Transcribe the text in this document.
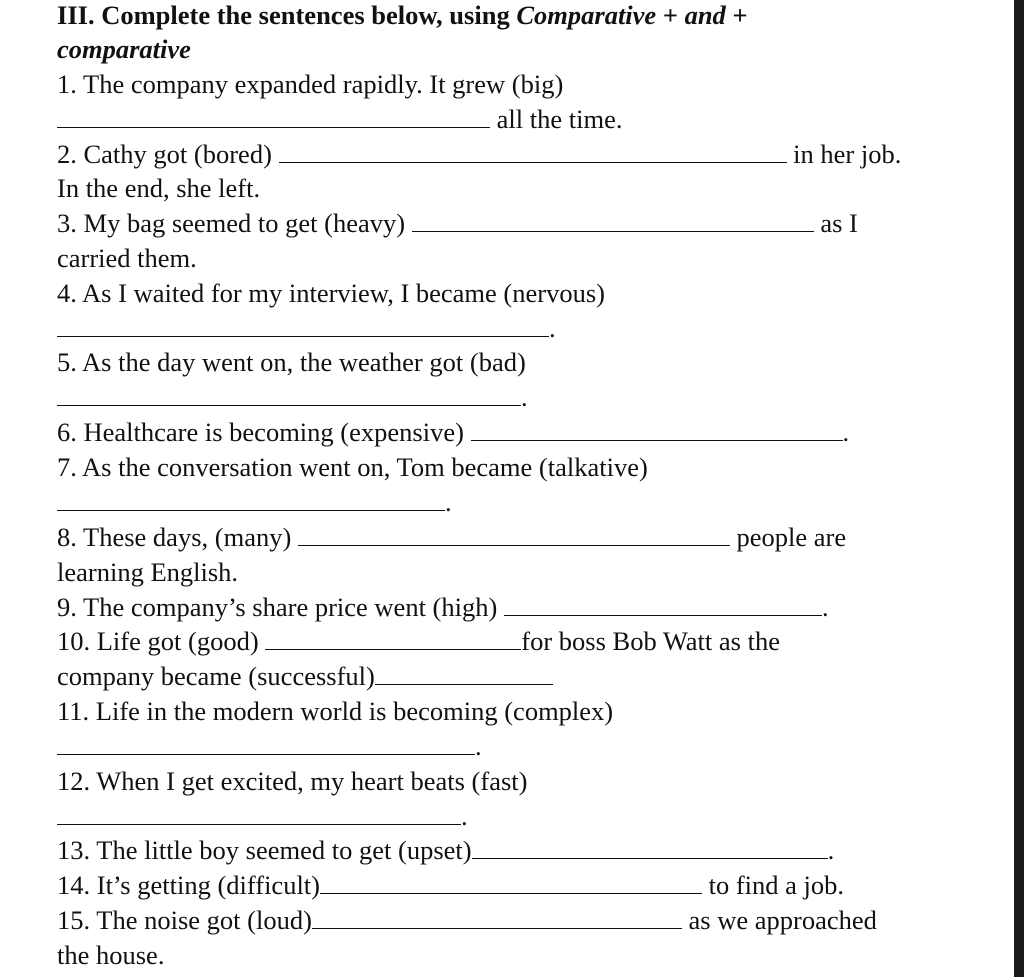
III. Complete the sentences below, using Comparative + and +
comparative
1. The company expanded rapidly. It grew (big)
all the time.
2. Cathy got (bored)	in her job.
In the end, she left.
3. My bag seemed to get (heavy)	as I
carried them.
4. As I waited for my interview, I became (nervous)
.
5. As the day went on, the weather got (bad)
.
6. Healthcare is becoming (expensive)	.
7. As the conversation went on, Tom became (talkative)
.
8. These days, (many)	people are
learning English.
9. The company’s share price went (high)	.
10. Life got (good)	for boss Bob Watt as the
company became (successful)
11. Life in the modern world is becoming (complex)
.
12. When I get excited, my heart beats (fast)
.
13. The little boy seemed to get (upset)	.
14. It’s getting (difficult)	to find a job.
15. The noise got (loud)	as we approached
the house.
